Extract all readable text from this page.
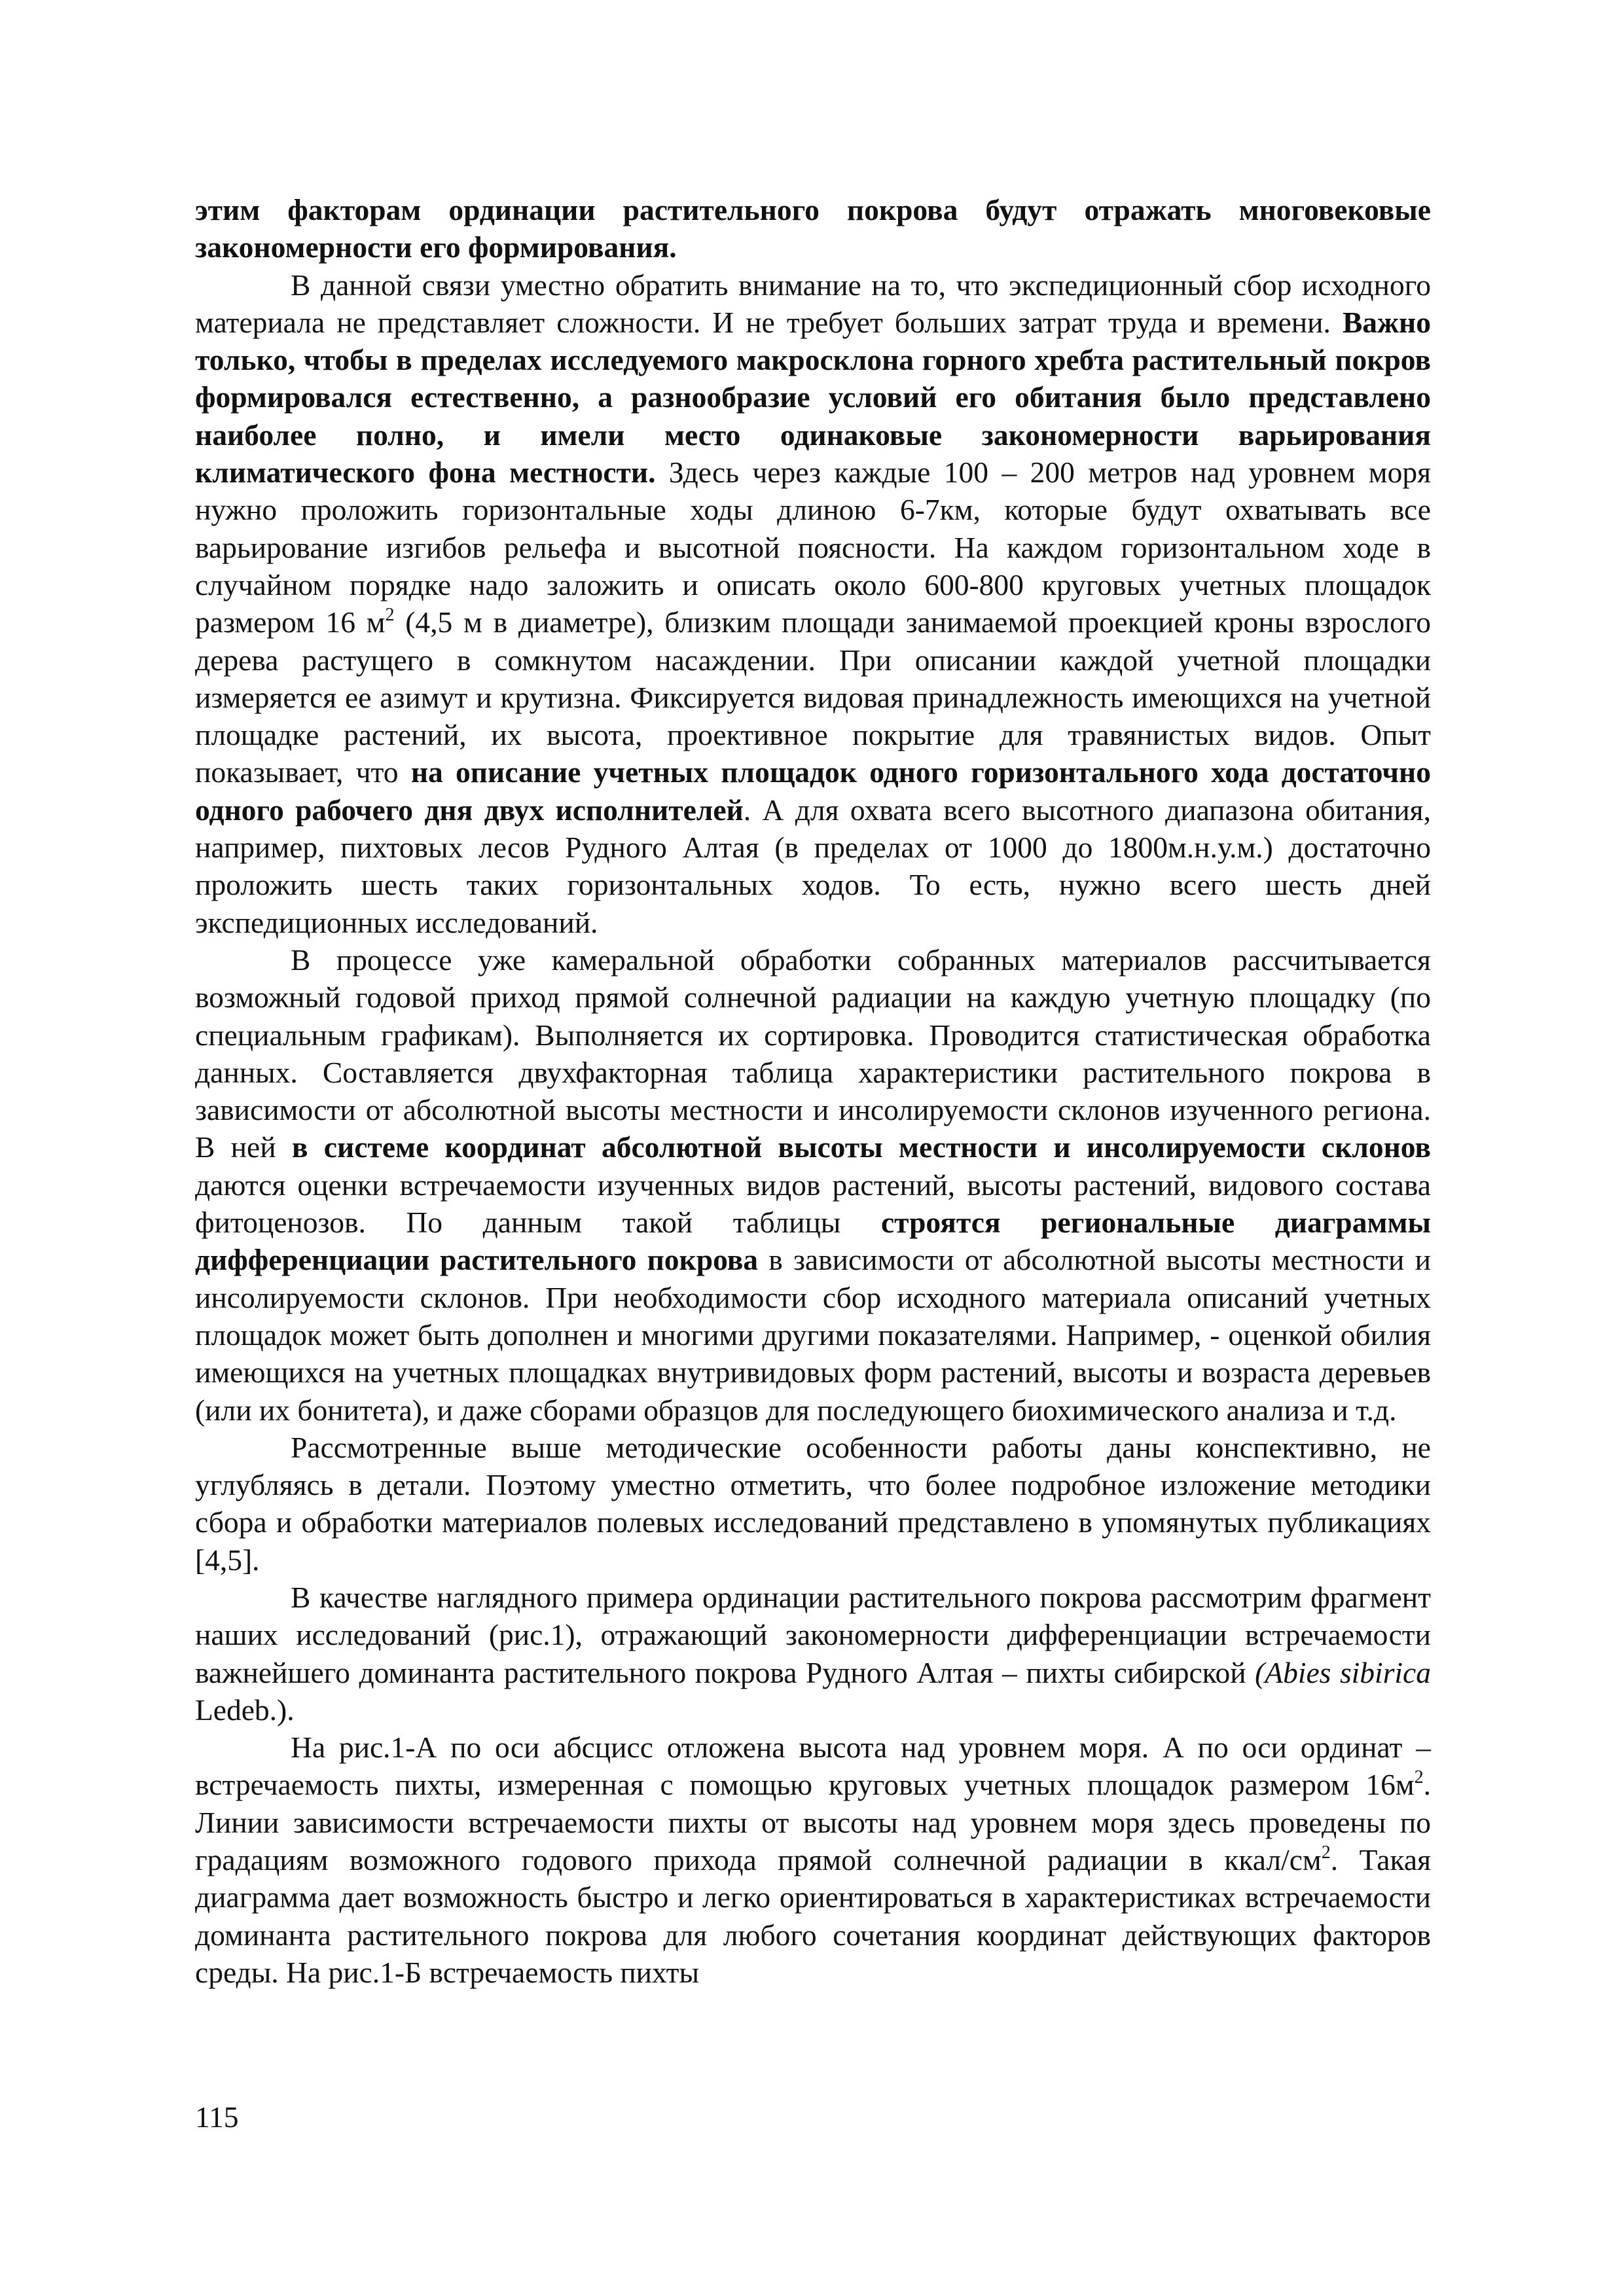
этим факторам ординации растительного покрова будут отражать многовековые закономерности его формирования.

В данной связи уместно обратить внимание на то, что экспедиционный сбор исходного материала не представляет сложности. И не требует больших затрат труда и времени. Важно только, чтобы в пределах исследуемого макросклона горного хребта растительный покров формировался естественно, а разнообразие условий его обитания было представлено наиболее полно, и имели место одинаковые закономерности варьирования климатического фона местности. Здесь через каждые 100 – 200 метров над уровнем моря нужно проложить горизонтальные ходы длиною 6-7км, которые будут охватывать все варьирование изгибов рельефа и высотной поясности. На каждом горизонтальном ходе в случайном порядке надо заложить и описать около 600-800 круговых учетных площадок размером 16 $м^2$ (4,5 м в диаметре), близким площади занимаемой проекцией кроны взрослого дерева растущего в сомкнутом насаждении. При описании каждой учетной площадки измеряется ее азимут и крутизна. Фиксируется видовая принадлежность имеющихся на учетной площадке растений, их высота, проективное покрытие для травянистых видов. Опыт показывает, что на описание учетных площадок одного горизонтального хода достаточно одного рабочего дня двух исполнителей. А для охвата всего высотного диапазона обитания, например, пихтовых лесов Рудного Алтая (в пределах от 1000 до 1800м.н.у.м.) достаточно проложить шесть таких горизонтальных ходов. То есть, нужно всего шесть дней экспедиционных исследований.

В процессе уже камеральной обработки собранных материалов рассчитывается возможный годовой приход прямой солнечной радиации на каждую учетную площадку (по специальным графикам). Выполняется их сортировка. Проводится статистическая обработка данных. Составляется двухфакторная таблица характеристики растительного покрова в зависимости от абсолютной высоты местности и инсолируемости склонов изученного региона. В ней в системе координат абсолютной высоты местности и инсолируемости склонов даются оценки встречаемости изученных видов растений, высоты растений, видового состава фитоценозов. По данным такой таблицы строятся региональные диаграммы дифференциации растительного покрова в зависимости от абсолютной высоты местности и инсолируемости склонов. При необходимости сбор исходного материала описаний учетных площадок может быть дополнен и многими другими показателями. Например, - оценкой обилия имеющихся на учетных площадках внутривидовых форм растений, высоты и возраста деревьев (или их бонитета), и даже сборами образцов для последующего биохимического анализа и т.д.

Рассмотренные выше методические особенности работы даны конспективно, не углубляясь в детали. Поэтому уместно отметить, что более подробное изложение методики сбора и обработки материалов полевых исследований представлено в упомянутых публикациях [4,5].

В качестве наглядного примера ординации растительного покрова рассмотрим фрагмент наших исследований (рис.1), отражающий закономерности дифференциации встречаемости важнейшего доминанта растительного покрова Рудного Алтая – пихты сибирской (Abies sibirica Ledeb.).

На рис.1-А по оси абсцисс отложена высота над уровнем моря. А по оси ординат – встречаемость пихты, измеренная с помощью круговых учетных площадок размером $16м^2$. Линии зависимости встречаемости пихты от высоты над уровнем моря здесь проведены по градациям возможного годового прихода прямой солнечной радиации в ккал/$см^2$. Такая диаграмма дает возможность быстро и легко ориентироваться в характеристиках встречаемости доминанта растительного покрова для любого сочетания координат действующих факторов среды. На рис.1-Б встречаемость пихты

115
